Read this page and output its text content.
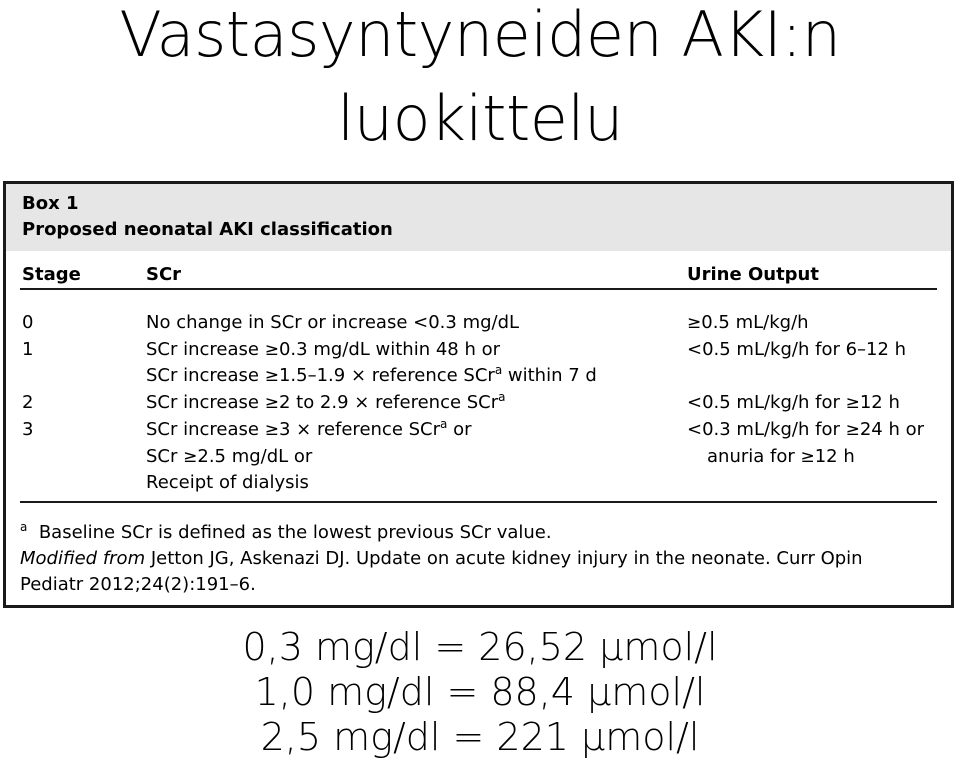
Vastasyntyneiden AKI:n
luokittelu
Box 1
Proposed neonatal AKI classification
Stage	SCr	Urine Output
0	No change in SCr or increase <0.3 mg/dL	≥0.5 mL/kg/h
1	SCr increase ≥0.3 mg/dL within 48 h or	<0.5 mL/kg/h for 6–12 h
SCr increase ≥1.5–1.9 × reference SCr$^a$ within 7 d
2	SCr increase ≥2 to 2.9 × reference SCr$^a$	<0.5 mL/kg/h for ≥12 h
3	SCr increase ≥3 × reference SCr$^a$ or	<0.3 mL/kg/h for ≥24 h or
SCr ≥2.5 mg/dL or	anuria for ≥12 h
Receipt of dialysis
$^a$ Baseline SCr is defined as the lowest previous SCr value.
Modified from Jetton JG, Askenazi DJ. Update on acute kidney injury in the neonate. Curr Opin
Pediatr 2012;24(2):191–6.
0,3 mg/dl = 26,52 μmol/l
1,0 mg/dl = 88,4 μmol/l
2,5 mg/dl = 221 μmol/l
